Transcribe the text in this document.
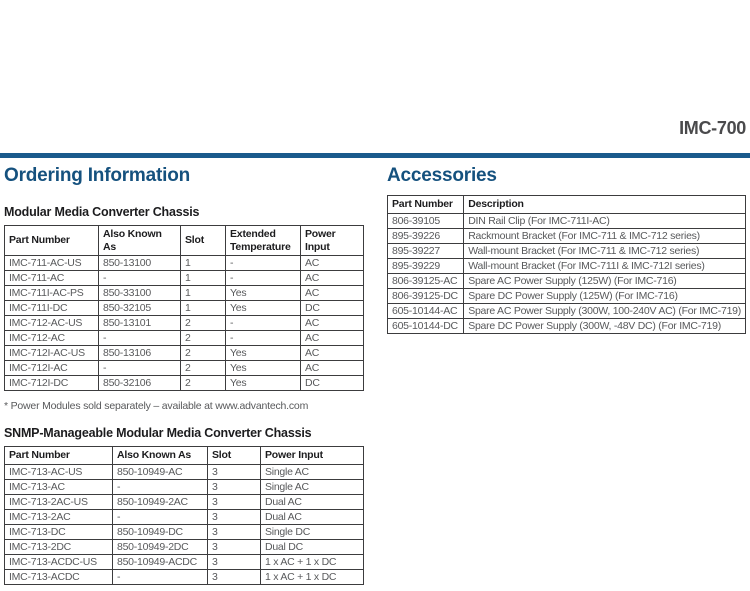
IMC-700
Ordering Information
Modular Media Converter Chassis
Part Number	Also Known As	Slot	Extended Temperature	Power Input
IMC-711-AC-US	850-13100	1	-	AC
IMC-711-AC	-	1	-	AC
IMC-711I-AC-PS	850-33100	1	Yes	AC
IMC-711I-DC	850-32105	1	Yes	DC
IMC-712-AC-US	850-13101	2	-	AC
IMC-712-AC	-	2	-	AC
IMC-712I-AC-US	850-13106	2	Yes	AC
IMC-712I-AC	-	2	Yes	AC
IMC-712I-DC	850-32106	2	Yes	DC
* Power Modules sold separately – available at www.advantech.com
SNMP-Manageable Modular Media Converter Chassis
Part Number	Also Known As	Slot	Power Input
IMC-713-AC-US	850-10949-AC	3	Single AC
IMC-713-AC	-	3	Single AC
IMC-713-2AC-US	850-10949-2AC	3	Dual AC
IMC-713-2AC	-	3	Dual AC
IMC-713-DC	850-10949-DC	3	Single DC
IMC-713-2DC	850-10949-2DC	3	Dual DC
IMC-713-ACDC-US	850-10949-ACDC	3	1 x AC + 1 x DC
IMC-713-ACDC	-	3	1 x AC + 1 x DC
Accessories
Part Number	Description
806-39105	DIN Rail Clip (For IMC-711I-AC)
895-39226	Rackmount Bracket (For IMC-711 & IMC-712 series)
895-39227	Wall-mount Bracket (For IMC-711 & IMC-712 series)
895-39229	Wall-mount Bracket (For IMC-711I & IMC-712I series)
806-39125-AC	Spare AC Power Supply (125W) (For IMC-716)
806-39125-DC	Spare DC Power Supply (125W) (For IMC-716)
605-10144-AC	Spare AC Power Supply (300W, 100-240V AC) (For IMC-719)
605-10144-DC	Spare DC Power Supply (300W, -48V DC) (For IMC-719)
